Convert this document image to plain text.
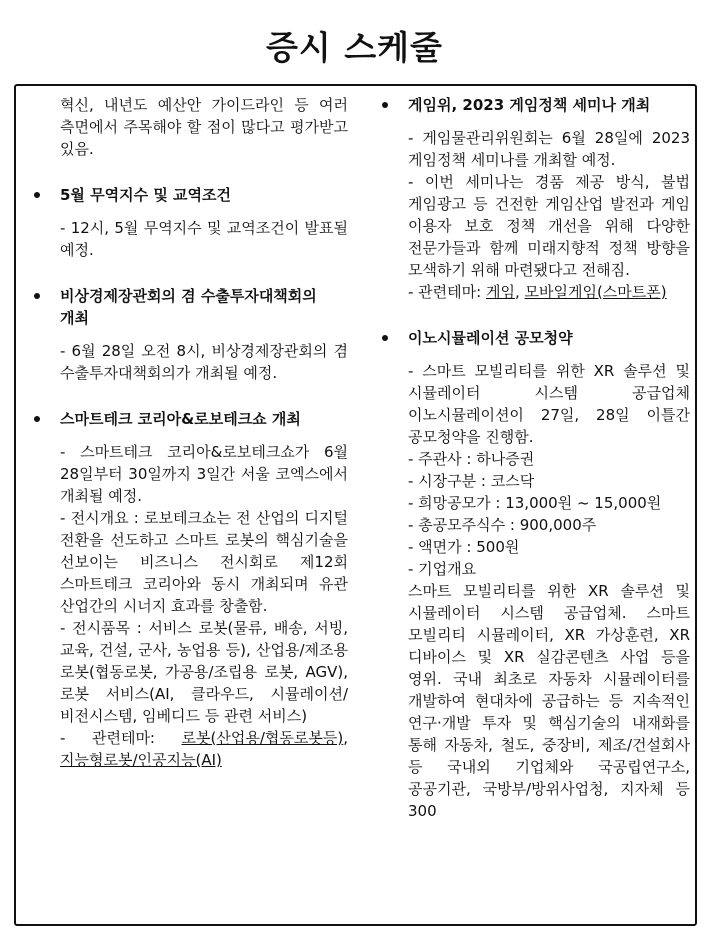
증시 스케줄

혁신, 내년도 예산안 가이드라인 등 여러 측면에서 주목해야 할 점이 많다고 평가받고 있음.

5월 무역지수 및 교역조건

- 12시, 5월 무역지수 및 교역조건이 발표될 예정.

비상경제장관회의 겸 수출투자대책회의 개최

- 6월 28일 오전 8시, 비상경제장관회의 겸 수출투자대책회의가 개최될 예정.

스마트테크 코리아&로보테크쇼 개최

- 스마트테크 코리아&로보테크쇼가 6월 28일부터 30일까지 3일간 서울 코엑스에서 개최될 예정.

- 전시개요 : 로보테크쇼는 전 산업의 디지털 전환을 선도하고 스마트 로봇의 핵심기술을 선보이는 비즈니스 전시회로 제12회 스마트테크 코리아와 동시 개최되며 유관 산업간의 시너지 효과를 창출함.

- 전시품목 : 서비스 로봇(물류, 배송, 서빙, 교육, 건설, 군사, 농업용 등), 산업용/제조용 로봇(협동로봇, 가공용/조립용 로봇, AGV), 로봇 서비스(AI, 클라우드, 시뮬레이션/비전시스템, 임베디드 등 관련 서비스)

- 관련테마: 로봇(산업용/협동로봇등), 지능형로봇/인공지능(AI)

게임위, 2023 게임정책 세미나 개최

- 게임물관리위원회는 6월 28일에 2023 게임정책 세미나를 개최할 예정.

- 이번 세미나는 경품 제공 방식, 불법 게임광고 등 건전한 게임산업 발전과 게임 이용자 보호 정책 개선을 위해 다양한 전문가들과 함께 미래지향적 정책 방향을 모색하기 위해 마련됐다고 전해짐.

- 관련테마: 게임, 모바일게임(스마트폰)

이노시뮬레이션 공모청약

- 스마트 모빌리티를 위한 XR 솔루션 및 시뮬레이터 시스템 공급업체 이노시뮬레이션이 27일, 28일 이틀간 공모청약을 진행함.

- 주관사 : 하나증권

- 시장구분 : 코스닥

- 희망공모가 : 13,000원 ~ 15,000원

- 총공모주식수 : 900,000주

- 액면가 : 500원

- 기업개요

스마트 모빌리티를 위한 XR 솔루션 및 시뮬레이터 시스템 공급업체. 스마트 모빌리티 시뮬레이터, XR 가상훈련, XR 디바이스 및 XR 실감콘텐츠 사업 등을 영위. 국내 최초로 자동차 시뮬레이터를 개발하여 현대차에 공급하는 등 지속적인 연구·개발 투자 및 핵심기술의 내재화를 통해 자동차, 철도, 중장비, 제조/건설회사 등 국내외 기업체와 국공립연구소, 공공기관, 국방부/방위사업청, 지자체 등 300
